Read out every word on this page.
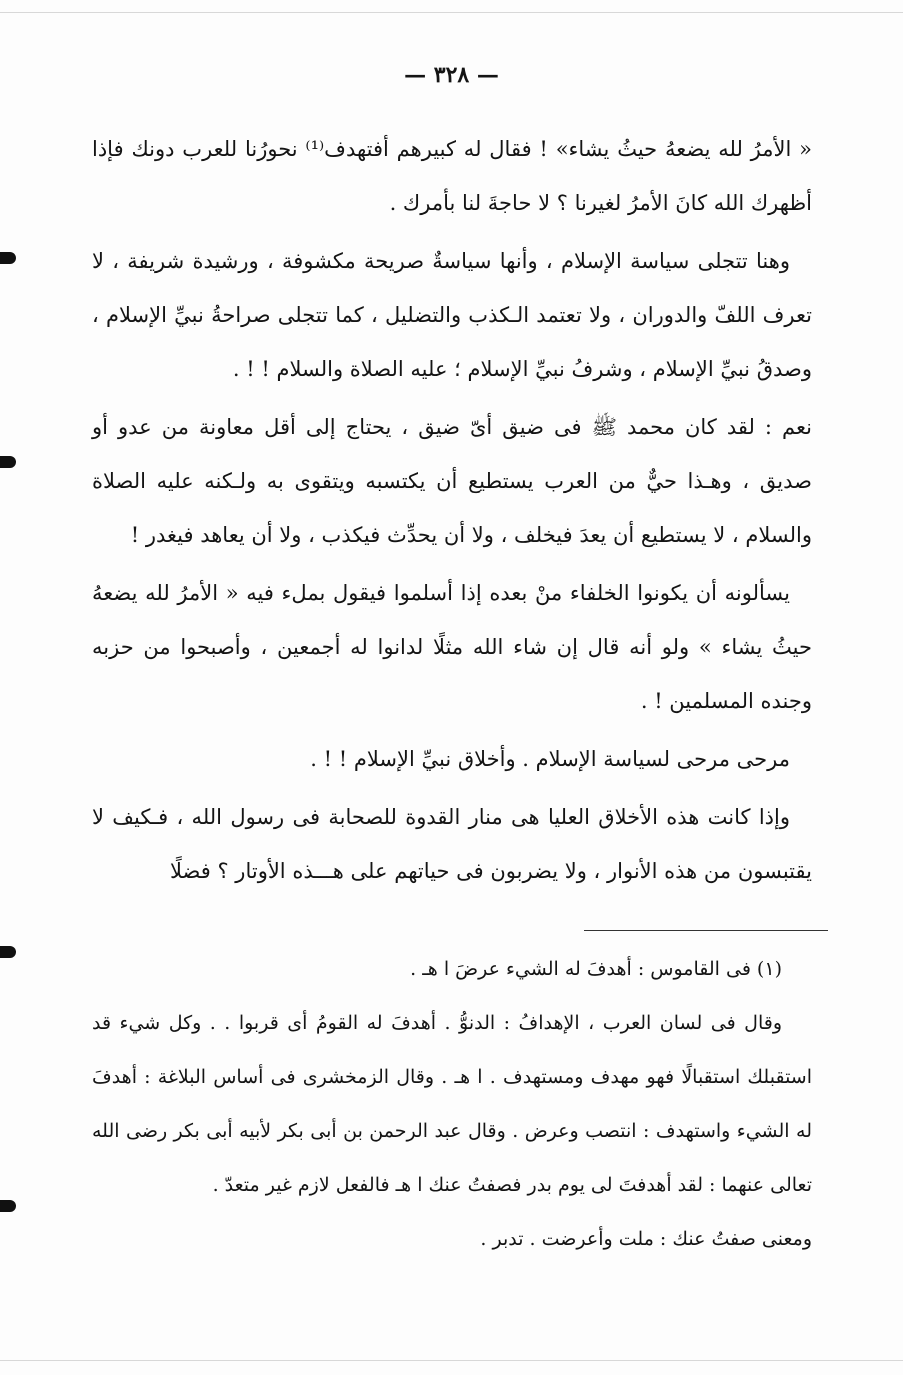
— ٣٢٨ —

« الأمرُ لله يضعهُ حيثُ يشاء» ! فقال له كبيرهم أفتهدف⁽¹⁾ نحورُنا للعرب دونك فإذا أظهرك الله كانَ الأمرُ لغيرنا ؟ لا حاجةَ لنا بأمرك .

وهنا تتجلى سياسة الإسلام ، وأنها سياسةٌ صريحة مكشوفة ، ورشيدة شريفة ، لا تعرف اللفّ والدوران ، ولا تعتمد الـكذب والتضليل ، كما تتجلى صراحةُ نبيِّ الإسلام ، وصدقُ نبيِّ الإسلام ، وشرفُ نبيِّ الإسلام ؛ عليه الصلاة والسلام ! ! .

نعم : لقد كان محمد ﷺ فى ضيق أىّ ضيق ، يحتاج إلى أقل معاونة من عدو أو صديق ، وهـذا حيٌّ من العرب يستطيع أن يكتسبه ويتقوى به ولـكنه عليه الصلاة والسلام ، لا يستطيع أن يعدَ فيخلف ، ولا أن يحدِّث فيكذب ، ولا أن يعاهد فيغدر !

يسألونه أن يكونوا الخلفاء منْ بعده إذا أسلموا فيقول بملء فيه « الأمرُ لله يضعهُ حيثُ يشاء » ولو أنه قال إن شاء الله مثلًا لدانوا له أجمعين ، وأصبحوا من حزبه وجنده المسلمين ! .

مرحى مرحى لسياسة الإسلام . وأخلاق نبيِّ الإسلام ! ! .

وإذا كانت هذه الأخلاق العليا هى منار القدوة للصحابة فى رسول الله ، فـكيف لا يقتبسون من هذه الأنوار ، ولا يضربون فى حياتهم على هـــذه الأوتار ؟ فضلًا

(١) فى القاموس : أهدفَ له الشيء عرضَ ا هـ .

وقال فى لسان العرب ، الإهدافُ : الدنوُّ . أهدفَ له القومُ أى قربوا . . وكل شيء قد استقبلك استقبالًا فهو مهدف ومستهدف . ا هـ . وقال الزمخشرى فى أساس البلاغة : أهدفَ له الشيء واستهدف : انتصب وعرض . وقال عبد الرحمن بن أبى بكر لأبيه أبى بكر رضى الله تعالى عنهما : لقد أهدفتَ لى يوم بدر فصفتُ عنك ا هـ فالفعل لازم غير متعدّ .

ومعنى صفتُ عنك : ملت وأعرضت . تدبر .
